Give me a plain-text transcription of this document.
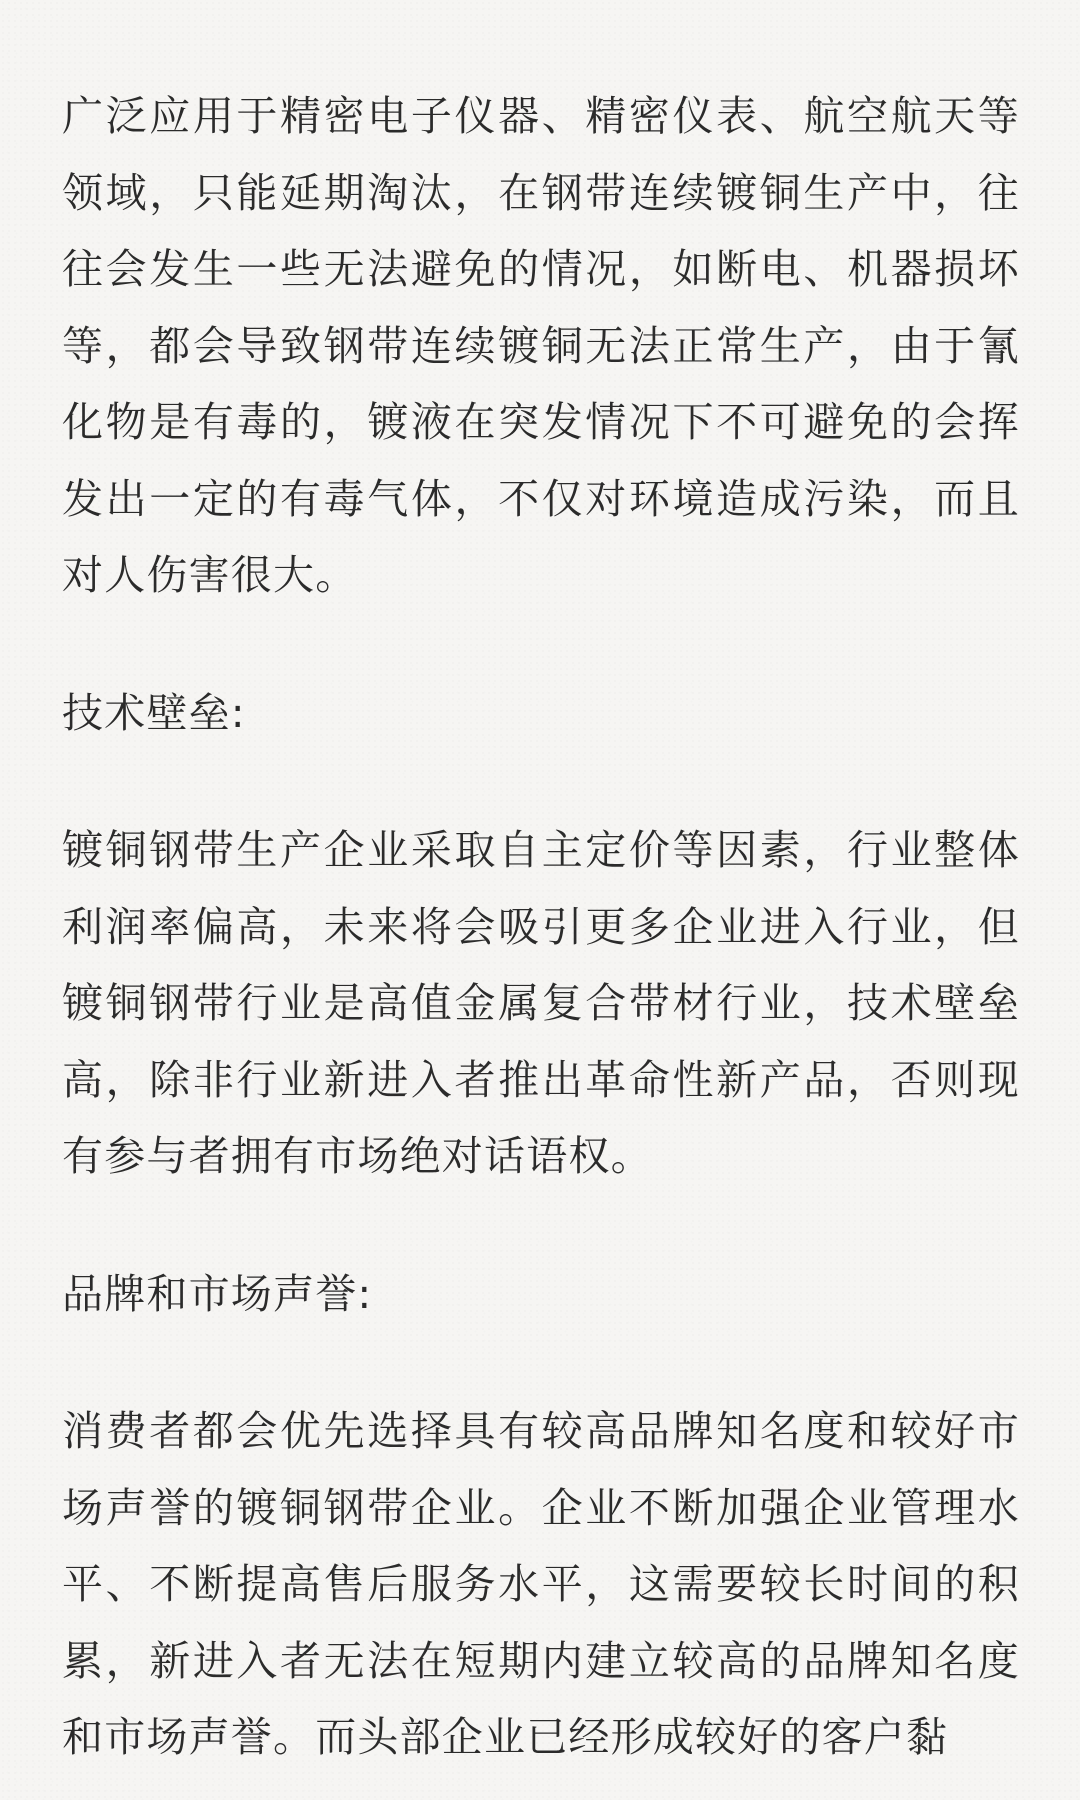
广泛应用于精密电子仪器、精密仪表、航空航天等领域，只能延期淘汰，在钢带连续镀铜生产中，往往会发生一些无法避免的情况，如断电、机器损坏等，都会导致钢带连续镀铜无法正常生产，由于氰化物是有毒的，镀液在突发情况下不可避免的会挥发出一定的有毒气体，不仅对环境造成污染，而且对人伤害很大。

技术壁垒:

镀铜钢带生产企业采取自主定价等因素，行业整体利润率偏高，未来将会吸引更多企业进入行业，但镀铜钢带行业是高值金属复合带材行业，技术壁垒高，除非行业新进入者推出革命性新产品，否则现有参与者拥有市场绝对话语权。

品牌和市场声誉:

消费者都会优先选择具有较高品牌知名度和较好市场声誉的镀铜钢带企业。企业不断加强企业管理水平、不断提高售后服务水平，这需要较长时间的积累，新进入者无法在短期内建立较高的品牌知名度和市场声誉。而头部企业已经形成较好的客户黏
